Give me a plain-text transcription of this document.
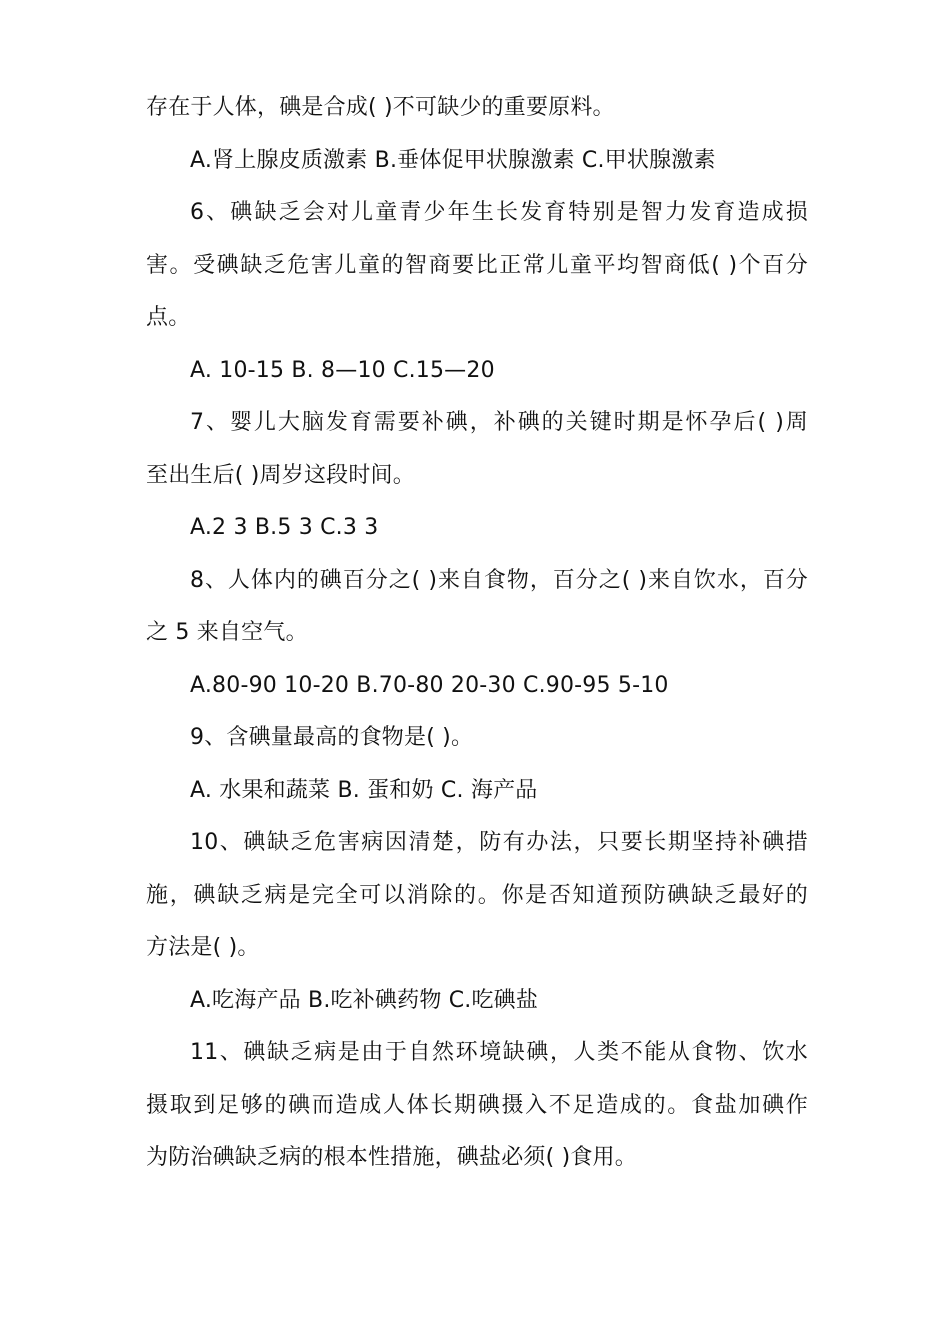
存在于人体，碘是合成( )不可缺少的重要原料。
A.肾上腺皮质激素 B.垂体促甲状腺激素 C.甲状腺激素
6、碘缺乏会对儿童青少年生长发育特别是智力发育造成损
害。受碘缺乏危害儿童的智商要比正常儿童平均智商低( )个百分
点。
A. 10-15 B. 8—10 C.15—20
7、婴儿大脑发育需要补碘，补碘的关键时期是怀孕后( )周
至出生后( )周岁这段时间。
A.2 3 B.5 3 C.3 3
8、人体内的碘百分之( )来自食物，百分之( )来自饮水，百分
之 5 来自空气。
A.80-90 10-20 B.70-80 20-30 C.90-95 5-10
9、含碘量最高的食物是( )。
A. 水果和蔬菜 B. 蛋和奶 C. 海产品
10、碘缺乏危害病因清楚，防有办法，只要长期坚持补碘措
施，碘缺乏病是完全可以消除的。你是否知道预防碘缺乏最好的
方法是( )。
A.吃海产品 B.吃补碘药物 C.吃碘盐
11、碘缺乏病是由于自然环境缺碘，人类不能从食物、饮水
摄取到足够的碘而造成人体长期碘摄入不足造成的。食盐加碘作
为防治碘缺乏病的根本性措施，碘盐必须( )食用。
